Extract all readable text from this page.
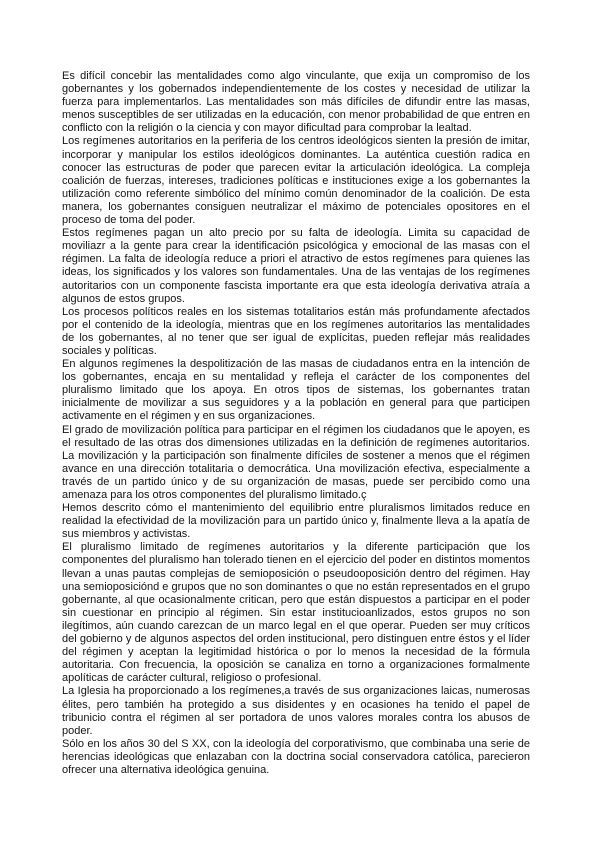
Es difícil concebir las mentalidades como algo vinculante, que exija un compromiso de los gobernantes y los gobernados independientemente de los costes y necesidad de utilizar la fuerza para implementarlos. Las mentalidades son más difíciles de difundir entre las masas, menos susceptibles de ser utilizadas en la educación, con menor probabilidad de que entren en conflicto con la religión o la ciencia y con mayor dificultad para comprobar la lealtad.

Los regímenes autoritarios en la periferia de los centros ideológicos sienten la presión de imitar, incorporar y manipular los estilos ideológicos dominantes. La auténtica cuestión radica en conocer las estructuras de poder que parecen evitar la articulación ideológica. La compleja coalición de fuerzas, intereses, tradiciones políticas e instituciones exige a los gobernantes la utilización como referente simbólico del mínimo común denominador de la coalición. De esta manera, los gobernantes consiguen neutralizar el máximo de potenciales opositores en el proceso de toma del poder.

Estos regímenes pagan un alto precio por su falta de ideología. Limita su capacidad de moviliazr a la gente para crear la identificación psicológica y emocional de las masas con el régimen. La falta de ideología reduce a priori el atractivo de estos regímenes para quienes las ideas, los significados y los valores son fundamentales. Una de las ventajas de los regímenes autoritarios con un componente fascista importante era que esta ideología derivativa atraía a algunos de estos grupos.

Los procesos políticos reales en los sistemas totalitarios están más profundamente afectados por el contenido de la ideología, mientras que en los regímenes autoritarios las mentalidades de los gobernantes, al no tener que ser igual de explícitas, pueden reflejar más realidades sociales y políticas.

En algunos regímenes la despolitización de las masas de ciudadanos entra en la intención de los gobernantes, encaja en su mentalidad y refleja el carácter de los componentes del pluralismo limitado que los apoya. En otros tipos de sistemas, los gobernantes tratan inicialmente de movilizar a sus seguidores y a la población en general para que participen activamente en el régimen y en sus organizaciones.

El grado de movilización política para participar en el régimen los ciudadanos que le apoyen, es el resultado de las otras dos dimensiones utilizadas en la definición de regímenes autoritarios. La movilización y la participación son finalmente difíciles de sostener a menos que el régimen avance en una dirección totalitaria o democrática. Una movilización efectiva, especialmente a través de un partido único y de su organización de masas, puede ser percibido como una amenaza para los otros componentes del pluralismo limitado.ç

Hemos descrito cómo el mantenimiento del equilibrio entre pluralismos limitados reduce en realidad la efectividad de la movilización para un partido único y, finalmente lleva a la apatía de sus miembros y activistas.

El pluralismo limitado de regímenes autoritarios y la diferente participación que los componentes del pluralismo han tolerado tienen en el ejercicio del poder en distintos momentos llevan a unas pautas complejas de semioposición o pseudooposición dentro del régimen. Hay una semioposiciónd e grupos que no son dominantes o que no están representados en el grupo gobernante, al que ocasionalmente critican, pero que están dispuestos a participar en el poder sin cuestionar en principio al régimen. Sin estar institucioanlizados, estos grupos no son ilegítimos, aún cuando carezcan de un marco legal en el que operar. Pueden ser muy críticos del gobierno y de algunos aspectos del orden institucional, pero distinguen entre éstos y el líder del régimen y aceptan la legitimidad histórica o por lo menos la necesidad de la fórmula autoritaria. Con frecuencia, la oposición se canaliza en torno a organizaciones formalmente apolíticas de carácter cultural, religioso o profesional.

La Iglesia ha proporcionado a los regímenes,a través de sus organizaciones laicas, numerosas élites, pero también ha protegido a sus disidentes y en ocasiones ha tenido el papel de tribunicio contra el régimen al ser portadora de unos valores morales contra los abusos de poder.

Sólo en los años 30 del S XX, con la ideología del corporativismo, que combinaba una serie de herencias ideológicas que enlazaban con la doctrina social conservadora católica, parecieron ofrecer una alternativa ideológica genuina.
